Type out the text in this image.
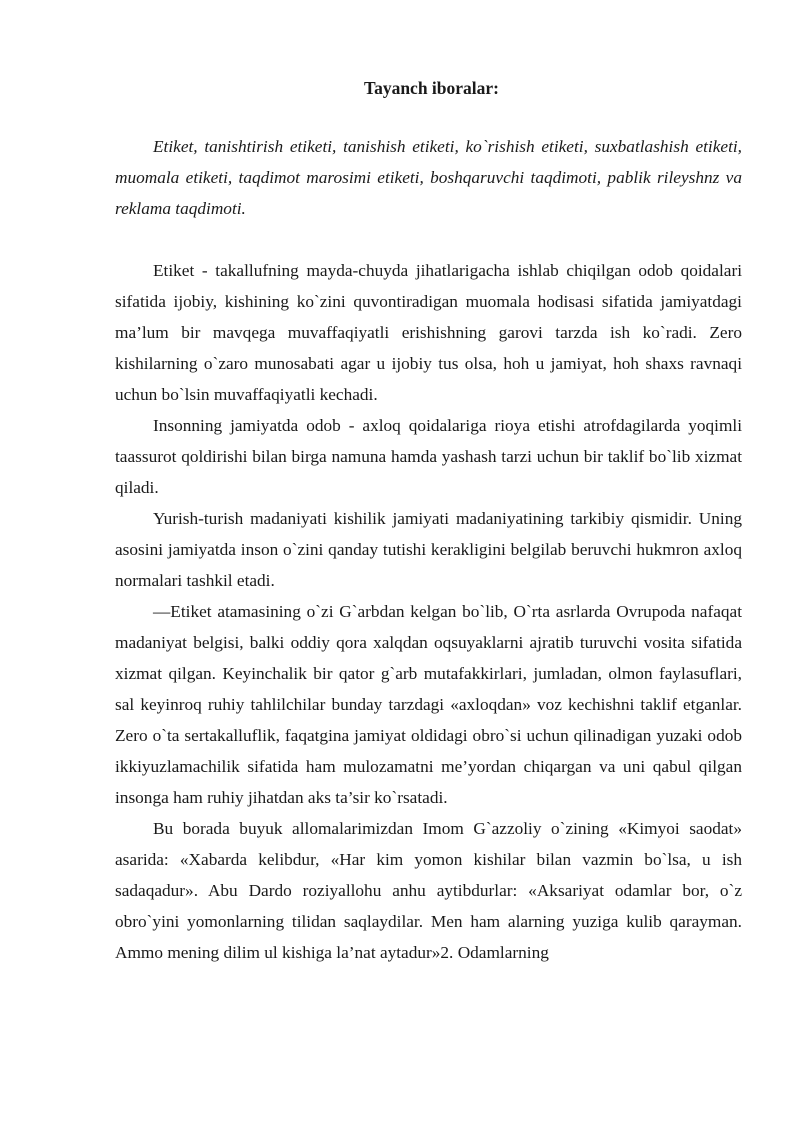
Tayanch iboralar:

Etiket, tanishtirish etiketi, tanishish etiketi, ko`rishish etiketi, suxbatlashish etiketi, muomala etiketi, taqdimot marosimi etiketi, boshqaruvchi taqdimoti, pablik rileyshnz va reklama taqdimoti.

Etiket - takallufning mayda-chuyda jihatlarigacha ishlab chiqilgan odob qoidalari sifatida ijobiy, kishining ko`zini quvontiradigan muomala hodisasi sifatida jamiyatdagi ma’lum bir mavqega muvaffaqiyatli erishishning garovi tarzda ish ko`radi. Zero kishilarning o`zaro munosabati agar u ijobiy tus olsa, hoh u jamiyat, hoh shaxs ravnaqi uchun bo`lsin muvaffaqiyatli kechadi.

Insonning jamiyatda odob - axloq qoidalariga rioya etishi atrofdagilarda yoqimli taassurot qoldirishi bilan birga namuna hamda yashash tarzi uchun bir taklif bo`lib xizmat qiladi.

Yurish-turish madaniyati kishilik jamiyati madaniyatining tarkibiy qismidir. Uning asosini jamiyatda inson o`zini qanday tutishi kerakligini belgilab beruvchi hukmron axloq normalari tashkil etadi.

—Etiket atamasining o`zi G`arbdan kelgan bo`lib, O`rta asrlarda Ovrupoda nafaqat madaniyat belgisi, balki oddiy qora xalqdan oqsuyaklarni ajratib turuvchi vosita sifatida xizmat qilgan. Keyinchalik bir qator g`arb mutafakkirlari, jumladan, olmon faylasuflari, sal keyinroq ruhiy tahlilchilar bunday tarzdagi «axloqdan» voz kechishni taklif etganlar. Zero o`ta sertakalluflik, faqatgina jamiyat oldidagi obro`si uchun qilinadigan yuzaki odob ikkiyuzlamachilik sifatida ham mulozamatni me’yordan chiqargan va uni qabul qilgan insonga ham ruhiy jihatdan aks ta’sir ko`rsatadi.

Bu borada buyuk allomalarimizdan Imom G`azzoliy o`zining «Kimyoi saodat» asarida: «Xabarda kelibdur, «Har kim yomon kishilar bilan vazmin bo`lsa, u ish sadaqadur». Abu Dardo roziyallohu anhu aytibdurlar: «Aksariyat odamlar bor, o`z obro`yini yomonlarning tilidan saqlaydilar. Men ham alarning yuziga kulib qarayman. Ammo mening dilim ul kishiga la’nat aytadur»2. Odamlarning
